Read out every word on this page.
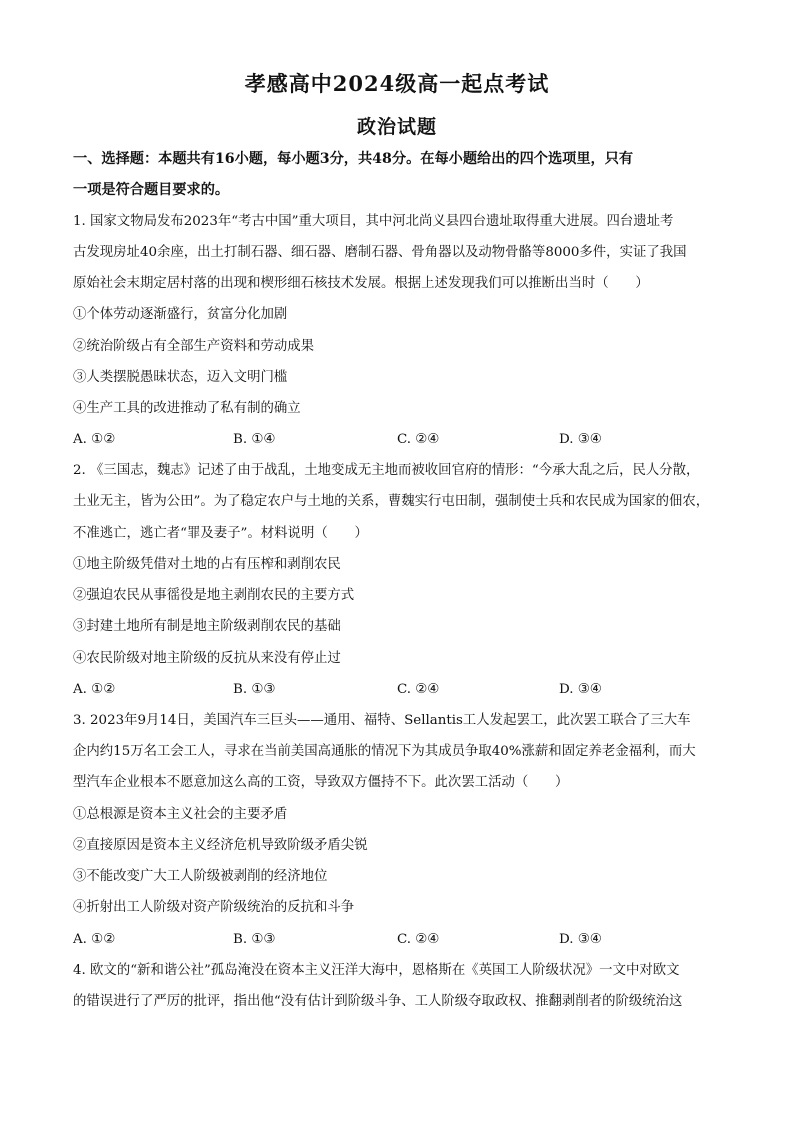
孝感高中2024级高一起点考试
政治试题
一、选择题：本题共有16小题，每小题3分，共48分。在每小题给出的四个选项里，只有
一项是符合题目要求的。
1. 国家文物局发布2023年“考古中国”重大项目，其中河北尚义县四台遗址取得重大进展。四台遗址考
古发现房址40余座，出土打制石器、细石器、磨制石器、骨角器以及动物骨骼等8000多件，实证了我国
原始社会末期定居村落的出现和楔形细石核技术发展。根据上述发现我们可以推断出当时（　　）
①个体劳动逐渐盛行，贫富分化加剧
②统治阶级占有全部生产资料和劳动成果
③人类摆脱愚昧状态，迈入文明门槛
④生产工具的改进推动了私有制的确立
A. ①②	B. ①④	C. ②④	D. ③④
2. 《三国志，魏志》记述了由于战乱，土地变成无主地而被收回官府的情形：“今承大乱之后，民人分散，
土业无主，皆为公田”。为了稳定农户与土地的关系，曹魏实行屯田制，强制使士兵和农民成为国家的佃农，
不准逃亡，逃亡者“罪及妻子”。材料说明（　　）
①地主阶级凭借对土地的占有压榨和剥削农民
②强迫农民从事徭役是地主剥削农民的主要方式
③封建土地所有制是地主阶级剥削农民的基础
④农民阶级对地主阶级的反抗从来没有停止过
A. ①②	B. ①③	C. ②④	D. ③④
3. 2023年9月14日，美国汽车三巨头——通用、福特、Sellantis工人发起罢工，此次罢工联合了三大车
企内约15万名工会工人，寻求在当前美国高通胀的情况下为其成员争取40%涨薪和固定养老金福利，而大
型汽车企业根本不愿意加这么高的工资，导致双方僵持不下。此次罢工活动（　　）
①总根源是资本主义社会的主要矛盾
②直接原因是资本主义经济危机导致阶级矛盾尖锐
③不能改变广大工人阶级被剥削的经济地位
④折射出工人阶级对资产阶级统治的反抗和斗争
A. ①②	B. ①③	C. ②④	D. ③④
4. 欧文的“新和谐公社”孤岛淹没在资本主义汪洋大海中，恩格斯在《英国工人阶级状况》一文中对欧文
的错误进行了严厉的批评，指出他“没有估计到阶级斗争、工人阶级夺取政权、推翻剥削者的阶级统治这
